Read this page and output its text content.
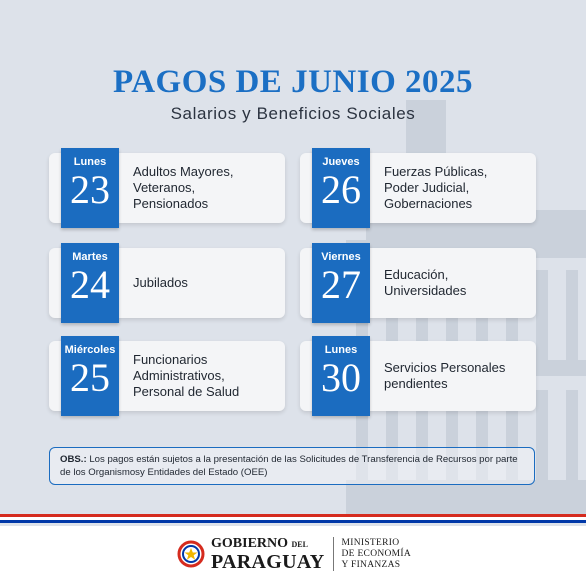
PAGOS DE JUNIO 2025
Salarios y Beneficios Sociales
Lunes
23	Adultos Mayores,
Veteranos,
Pensionados
Jueves
26	Fuerzas Públicas,
Poder Judicial,
Gobernaciones
Martes
24	Jubilados
Viernes
27	Educación,
Universidades
Miércoles
25	Funcionarios
Administrativos,
Personal de Salud
Lunes
30	Servicios Personales
pendientes
OBS.: Los pagos están sujetos a la presentación de las Solicitudes de Transferencia de Recursos por parte de los Organismosy Entidades del Estado (OEE)
GOBIERNO DEL
PARAGUAY
MINISTERIO
DE ECONOMÍA
Y FINANZAS
